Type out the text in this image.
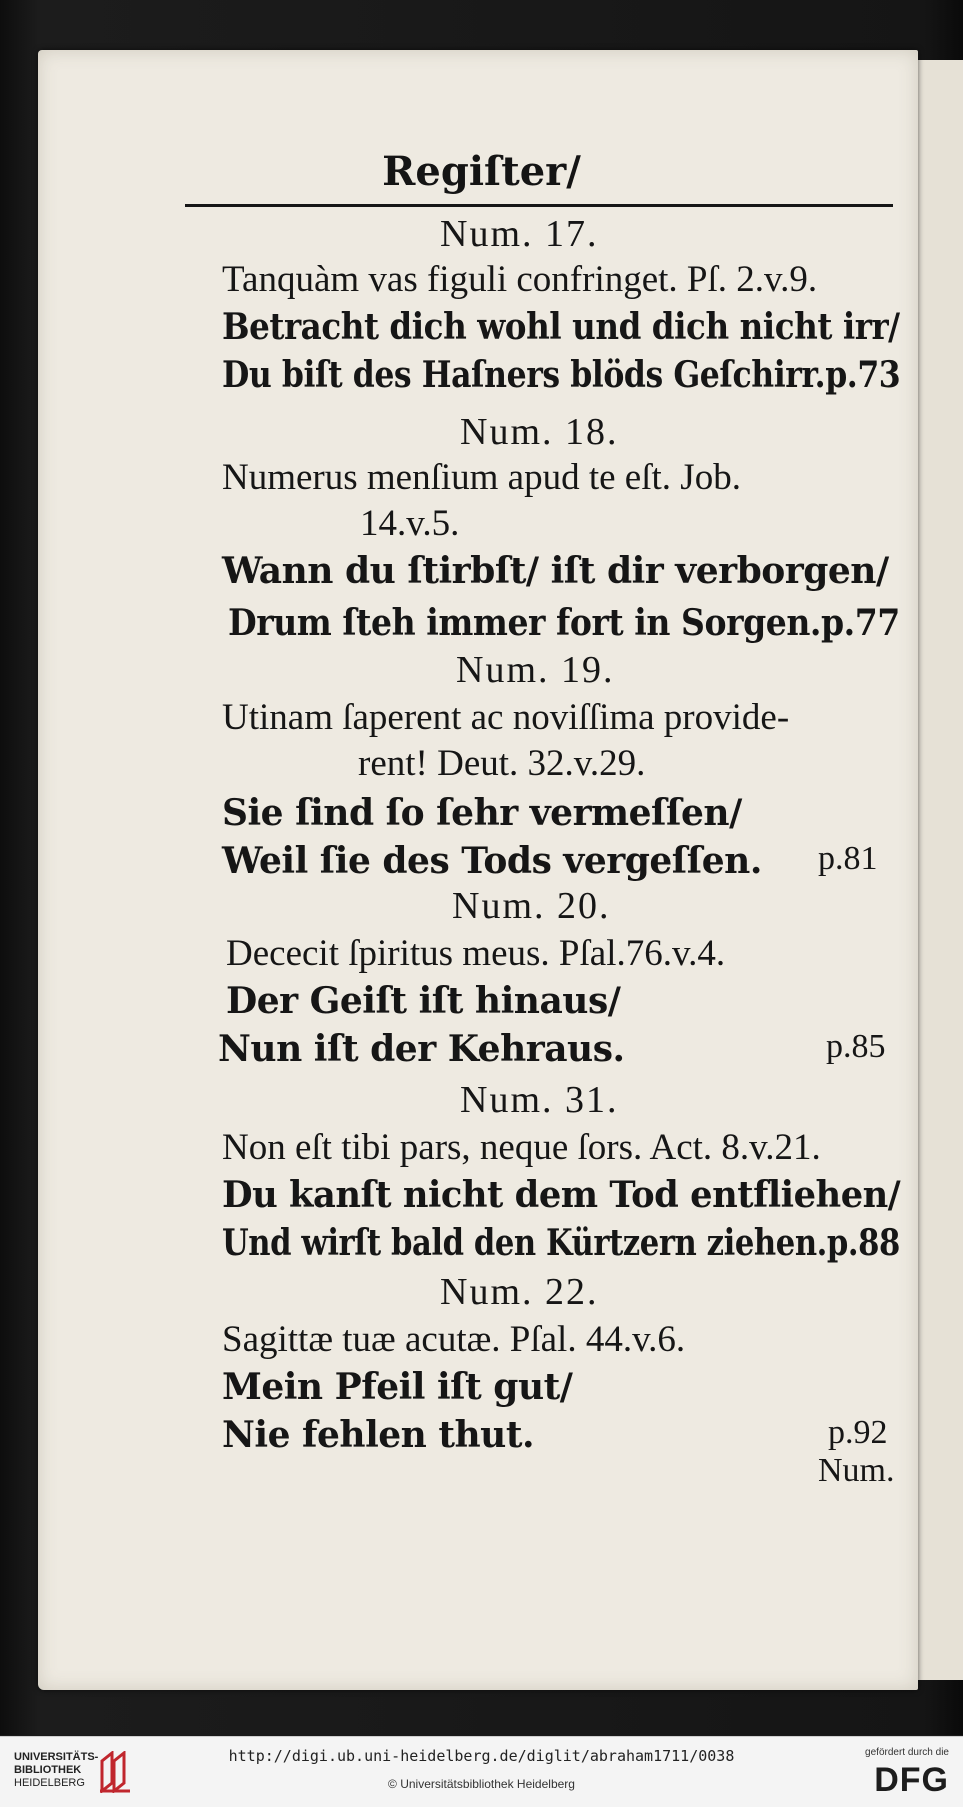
Regiſter/
Num. 17.
Tanquàm vas figuli confringet. Pſ. 2.v.9.
Betracht dich wohl und dich nicht irr/
Du biſt des Haſners blöds Geſchirr.p.73
Num. 18.
Numerus menſium apud te eſt. Job.
14.v.5.
Wann du ſtirbſt/ iſt dir verborgen/
Drum ſteh immer fort in Sorgen.p.77
Num. 19.
Utinam ſaperent ac noviſſima provide-
rent! Deut. 32.v.29.
Sie ſind ſo ſehr vermeſſen/
Weil ſie des Tods vergeſſen. p.81
Num. 20.
Dececit ſpiritus meus. Pſal.76.v.4.
Der Geiſt iſt hinaus/
Nun iſt der Kehraus.	p.85
Num. 31.
Non eſt tibi pars, neque ſors. Act. 8.v.21.
Du kanſt nicht dem Tod entfliehen/
Und wirſt bald den Kürtzern ziehen.p.88
Num. 22.
Sagittæ tuæ acutæ. Pſal. 44.v.6.
Mein Pfeil iſt gut/
Nie fehlen thut.	p.92
Num.
UNIVERSITÄTS-
BIBLIOTHEK
HEIDELBERG
http://digi.ub.uni-heidelberg.de/diglit/abraham1711/0038
© Universitätsbibliothek Heidelberg
gefördert durch die
DFG
